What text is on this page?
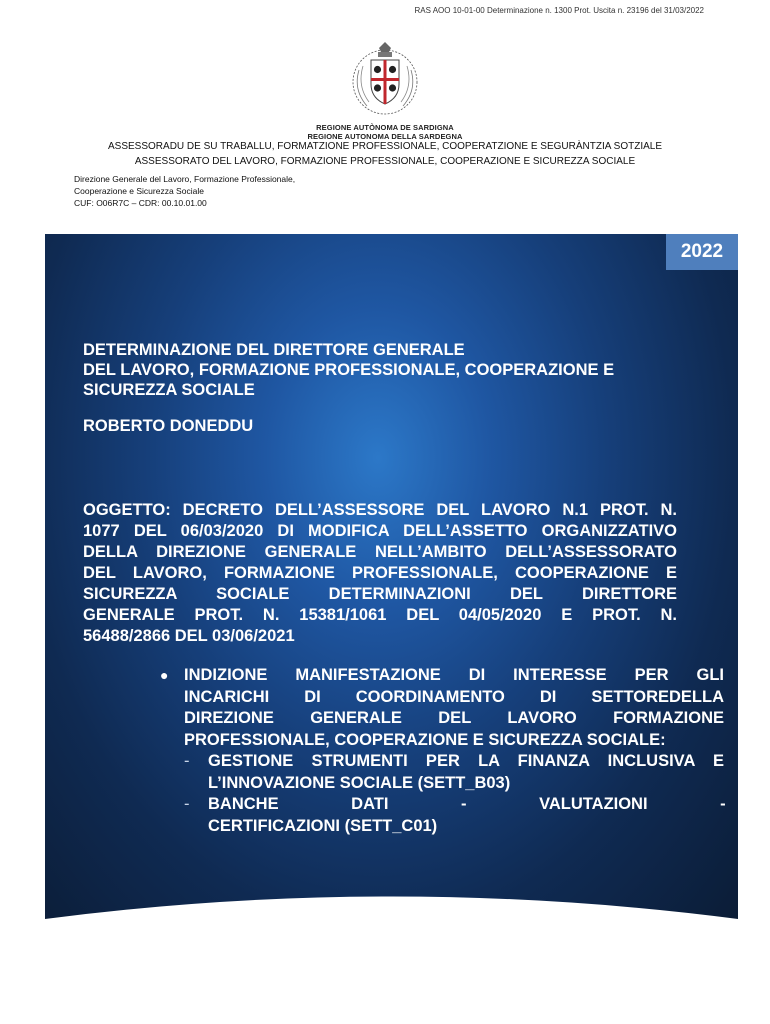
RAS AOO 10-01-00 Determinazione n. 1300 Prot. Uscita n. 23196 del 31/03/2022
REGIONE AUTÒNOMA DE SARDIGNA
REGIONE AUTONOMA DELLA SARDEGNA
ASSESSORADU DE SU TRABALLU, FORMATZIONE PROFESSIONALE, COOPERATZIONE E SEGURÀNTZIA SOTZIALE
ASSESSORATO DEL LAVORO, FORMAZIONE PROFESSIONALE, COOPERAZIONE E SICUREZZA SOCIALE
Direzione Generale del Lavoro, Formazione Professionale,
Cooperazione e Sicurezza Sociale
CUF: O06R7C – CDR: 00.10.01.00
2022
DETERMINAZIONE DEL DIRETTORE GENERALE
DEL LAVORO, FORMAZIONE PROFESSIONALE, COOPERAZIONE E
SICUREZZA SOCIALE
ROBERTO DONEDDU
OGGETTO: DECRETO DELL’ASSESSORE DEL LAVORO N.1 PROT. N.
1077 DEL 06/03/2020 DI MODIFICA DELL’ASSETTO ORGANIZZATIVO
DELLA DIREZIONE GENERALE NELL’AMBITO DELL’ASSESSORATO
DEL LAVORO, FORMAZIONE PROFESSIONALE, COOPERAZIONE E
SICUREZZA SOCIALE DETERMINAZIONI DEL DIRETTORE
GENERALE PROT. N. 15381/1061 DEL 04/05/2020 E PROT. N.
56488/2866 DEL 03/06/2021
● INDIZIONE MANIFESTAZIONE DI INTERESSE PER GLI
INCARICHI DI COORDINAMENTO DI SETTOREDELLA
DIREZIONE GENERALE DEL LAVORO FORMAZIONE
PROFESSIONALE, COOPERAZIONE E SICUREZZA SOCIALE:
-	GESTIONE STRUMENTI PER LA FINANZA INCLUSIVA E
L’INNOVAZIONE SOCIALE (SETT_B03)
-	BANCHE DATI - VALUTAZIONI -
CERTIFICAZIONI (SETT_C01)
